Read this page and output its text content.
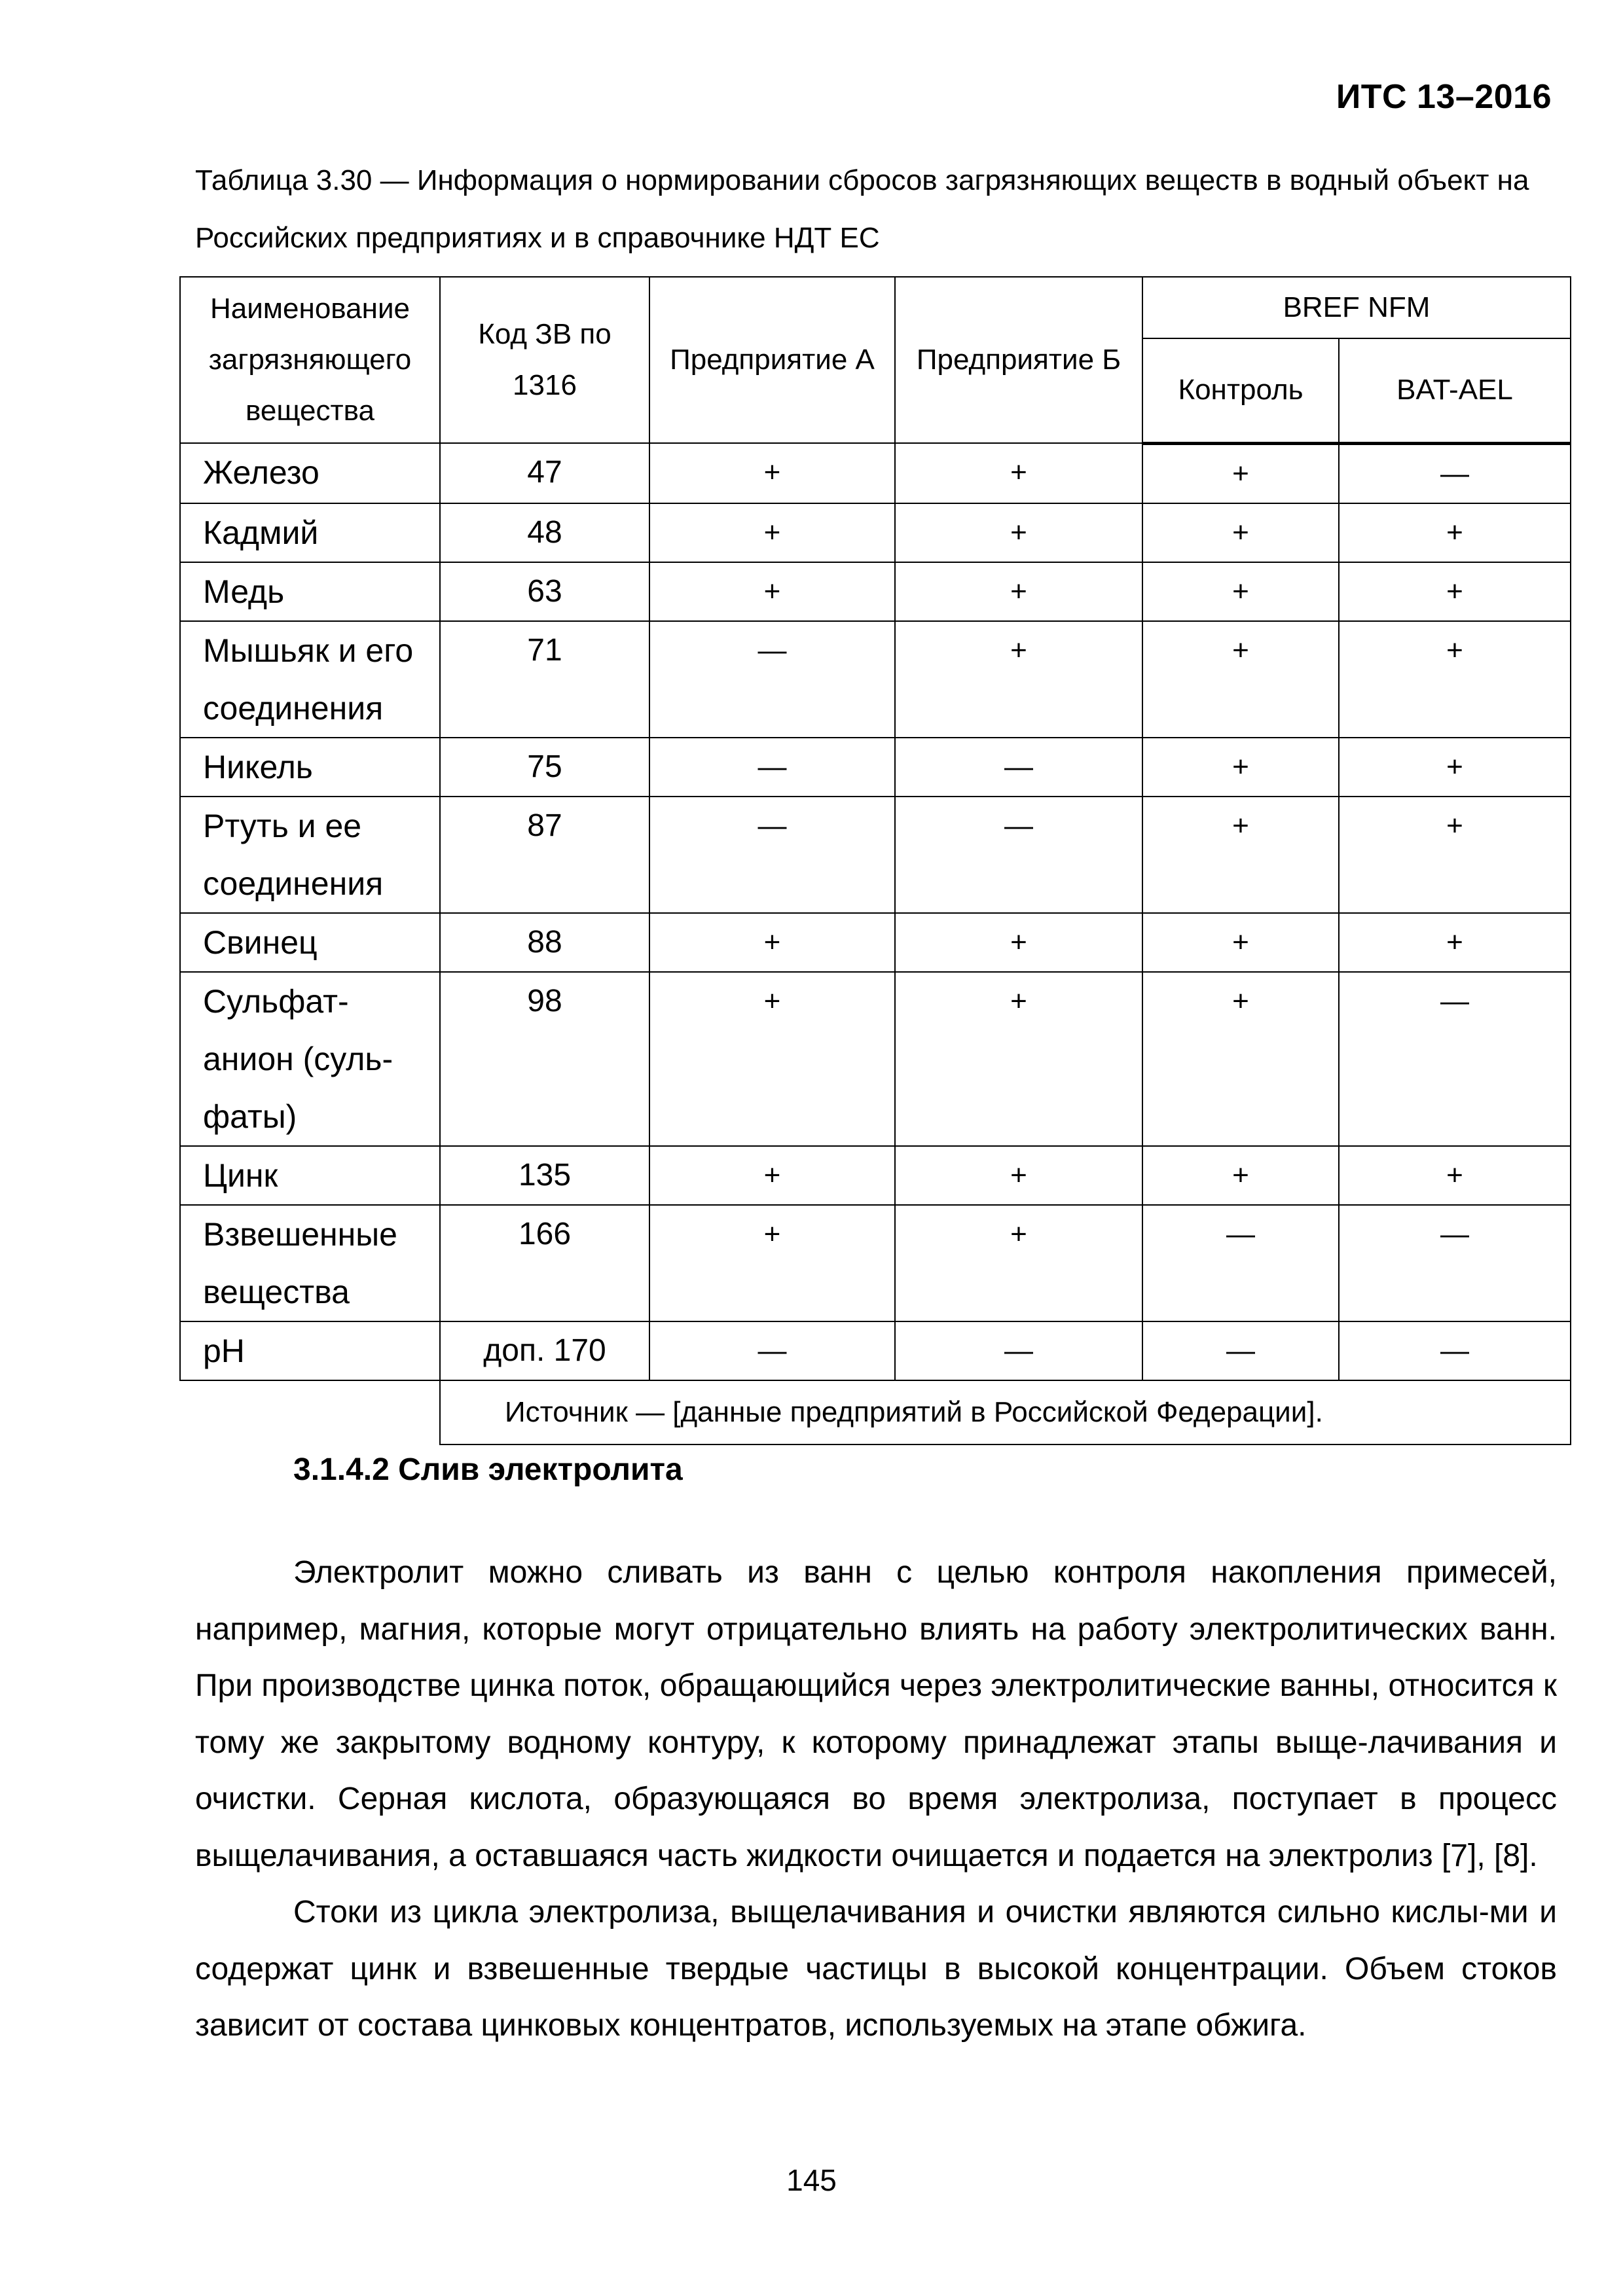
ИТС 13–2016
Таблица 3.30 — Информация о нормировании сбросов загрязняющих веществ в водный объект на Российских предприятиях и в справочнике НДТ ЕС
Наименование загрязняющего вещества	Код ЗВ по 1316	Предприятие А	Предприятие Б	BREF NFM	
				Контроль	BAT-AEL
Железо	47	+	+	+	—
Кадмий	48	+	+	+	+
Медь	63	+	+	+	+
Мышьяк и его соединения	71	—	+	+	+
Никель	75	—	—	+	+
Ртуть и ее соединения	87	—	—	+	+
Свинец	88	+	+	+	+
Сульфат-анион (суль-фаты)	98	+	+	+	—
Цинк	135	+	+	+	+
Взвешенные вещества	166	+	+	—	—
pH	доп. 170	—	—	—	—
	Источник — [данные предприятий в Российской Федерации].				
3.1.4.2 Слив электролита

Электролит можно сливать из ванн с целью контроля накопления примесей, например, магния, которые могут отрицательно влиять на работу электролитических ванн. При производстве цинка поток, обращающийся через электролитические ванны, относится к тому же закрытому водному контуру, к которому принадлежат этапы выще-лачивания и очистки. Серная кислота, образующаяся во время электролиза, поступает в процесс выщелачивания, а оставшаяся часть жидкости очищается и подается на электролиз [7], [8].

Стоки из цикла электролиза, выщелачивания и очистки являются сильно кислы-ми и содержат цинк и взвешенные твердые частицы в высокой концентрации. Объем стоков зависит от состава цинковых концентратов, используемых на этапе обжига.

145
